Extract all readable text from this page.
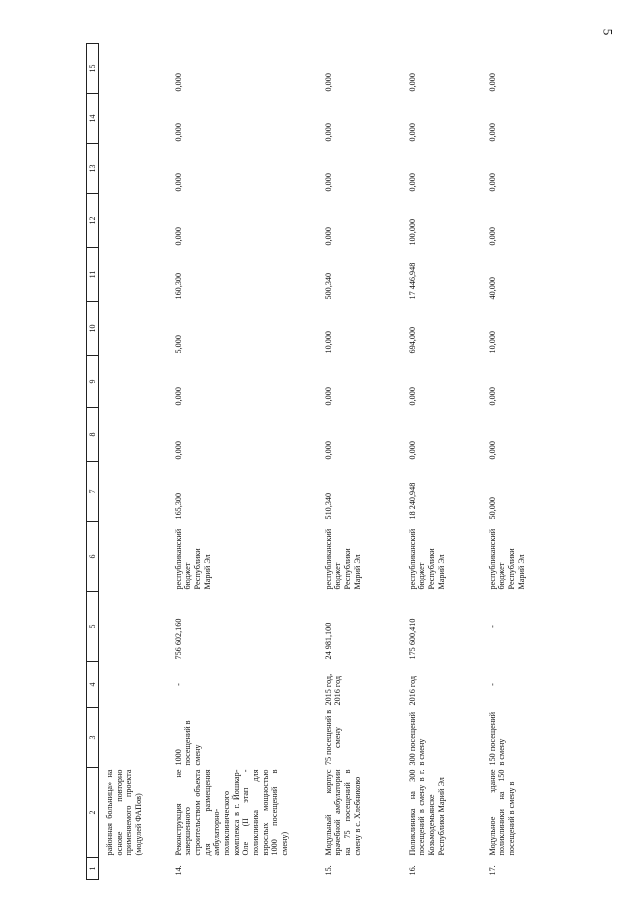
5
1	2	3	4	5	6	7	8	9	10	11	12	13	14	15
	районная больница» на основе повторно применяемого проекта (модулей ФАПов)													
14.	Реконструкция не завершенного строительством объекта для размещения амбулаторно-поликлинического комплекса в г. Йошкар-Оле (II этап - поликлиника для взрослых мощностью 1000 посещений в смену)	1000 посещений в смену	-	756 602,160	республиканский бюджет Республики Марий Эл	165,300	0,000	0,000	5,000	160,300	0,000	0,000	0,000	0,000
15.	Модульный корпус врачебной амбулатории на 75 посещений в смену в с. Хлебниково	75 посещений в смену	2015 год, 2016 год	24 981,100	республиканский бюджет Республики Марий Эл	510,340	0,000	0,000	10,000	500,340	0,000	0,000	0,000	0,000
16.	Поликлиника на 300 посещений в смену в г. Козьмодемьянске Республики Марий Эл	300 посещений в смену	2016 год	175 600,410	республиканский бюджет Республики Марий Эл	18 240,948	0,000	0,000	694,000	17 446,948	100,000	0,000	0,000	0,000
17.	Модульное здание поликлиники на 150 посещений в смену в	150 посещений в смену	-	-	республиканский бюджет Республики Марий Эл	50,000	0,000	0,000	10,000	40,000	0,000	0,000	0,000	0,000
